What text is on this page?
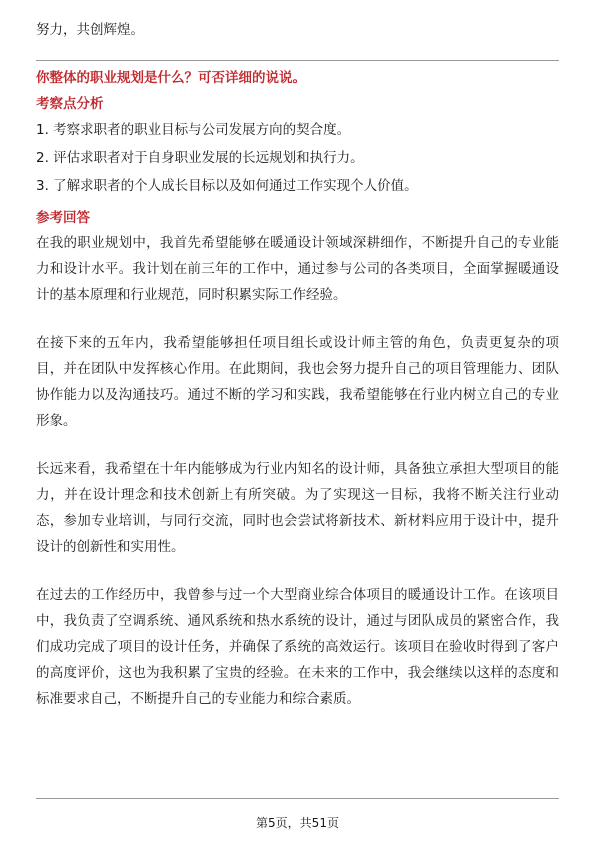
努力，共创辉煌。

你整体的职业规划是什么？可否详细的说说。

考察点分析

1. 考察求职者的职业目标与公司发展方向的契合度。

2. 评估求职者对于自身职业发展的长远规划和执行力。

3. 了解求职者的个人成长目标以及如何通过工作实现个人价值。

参考回答

在我的职业规划中，我首先希望能够在暖通设计领域深耕细作，不断提升自己的专业能力和设计水平。我计划在前三年的工作中，通过参与公司的各类项目，全面掌握暖通设计的基本原理和行业规范，同时积累实际工作经验。

在接下来的五年内，我希望能够担任项目组长或设计师主管的角色，负责更复杂的项目，并在团队中发挥核心作用。在此期间，我也会努力提升自己的项目管理能力、团队协作能力以及沟通技巧。通过不断的学习和实践，我希望能够在行业内树立自己的专业形象。

长远来看，我希望在十年内能够成为行业内知名的设计师，具备独立承担大型项目的能力，并在设计理念和技术创新上有所突破。为了实现这一目标，我将不断关注行业动态，参加专业培训，与同行交流，同时也会尝试将新技术、新材料应用于设计中，提升设计的创新性和实用性。

在过去的工作经历中，我曾参与过一个大型商业综合体项目的暖通设计工作。在该项目中，我负责了空调系统、通风系统和热水系统的设计，通过与团队成员的紧密合作，我们成功完成了项目的设计任务，并确保了系统的高效运行。该项目在验收时得到了客户的高度评价，这也为我积累了宝贵的经验。在未来的工作中，我会继续以这样的态度和标准要求自己，不断提升自己的专业能力和综合素质。

第5页，共51页
